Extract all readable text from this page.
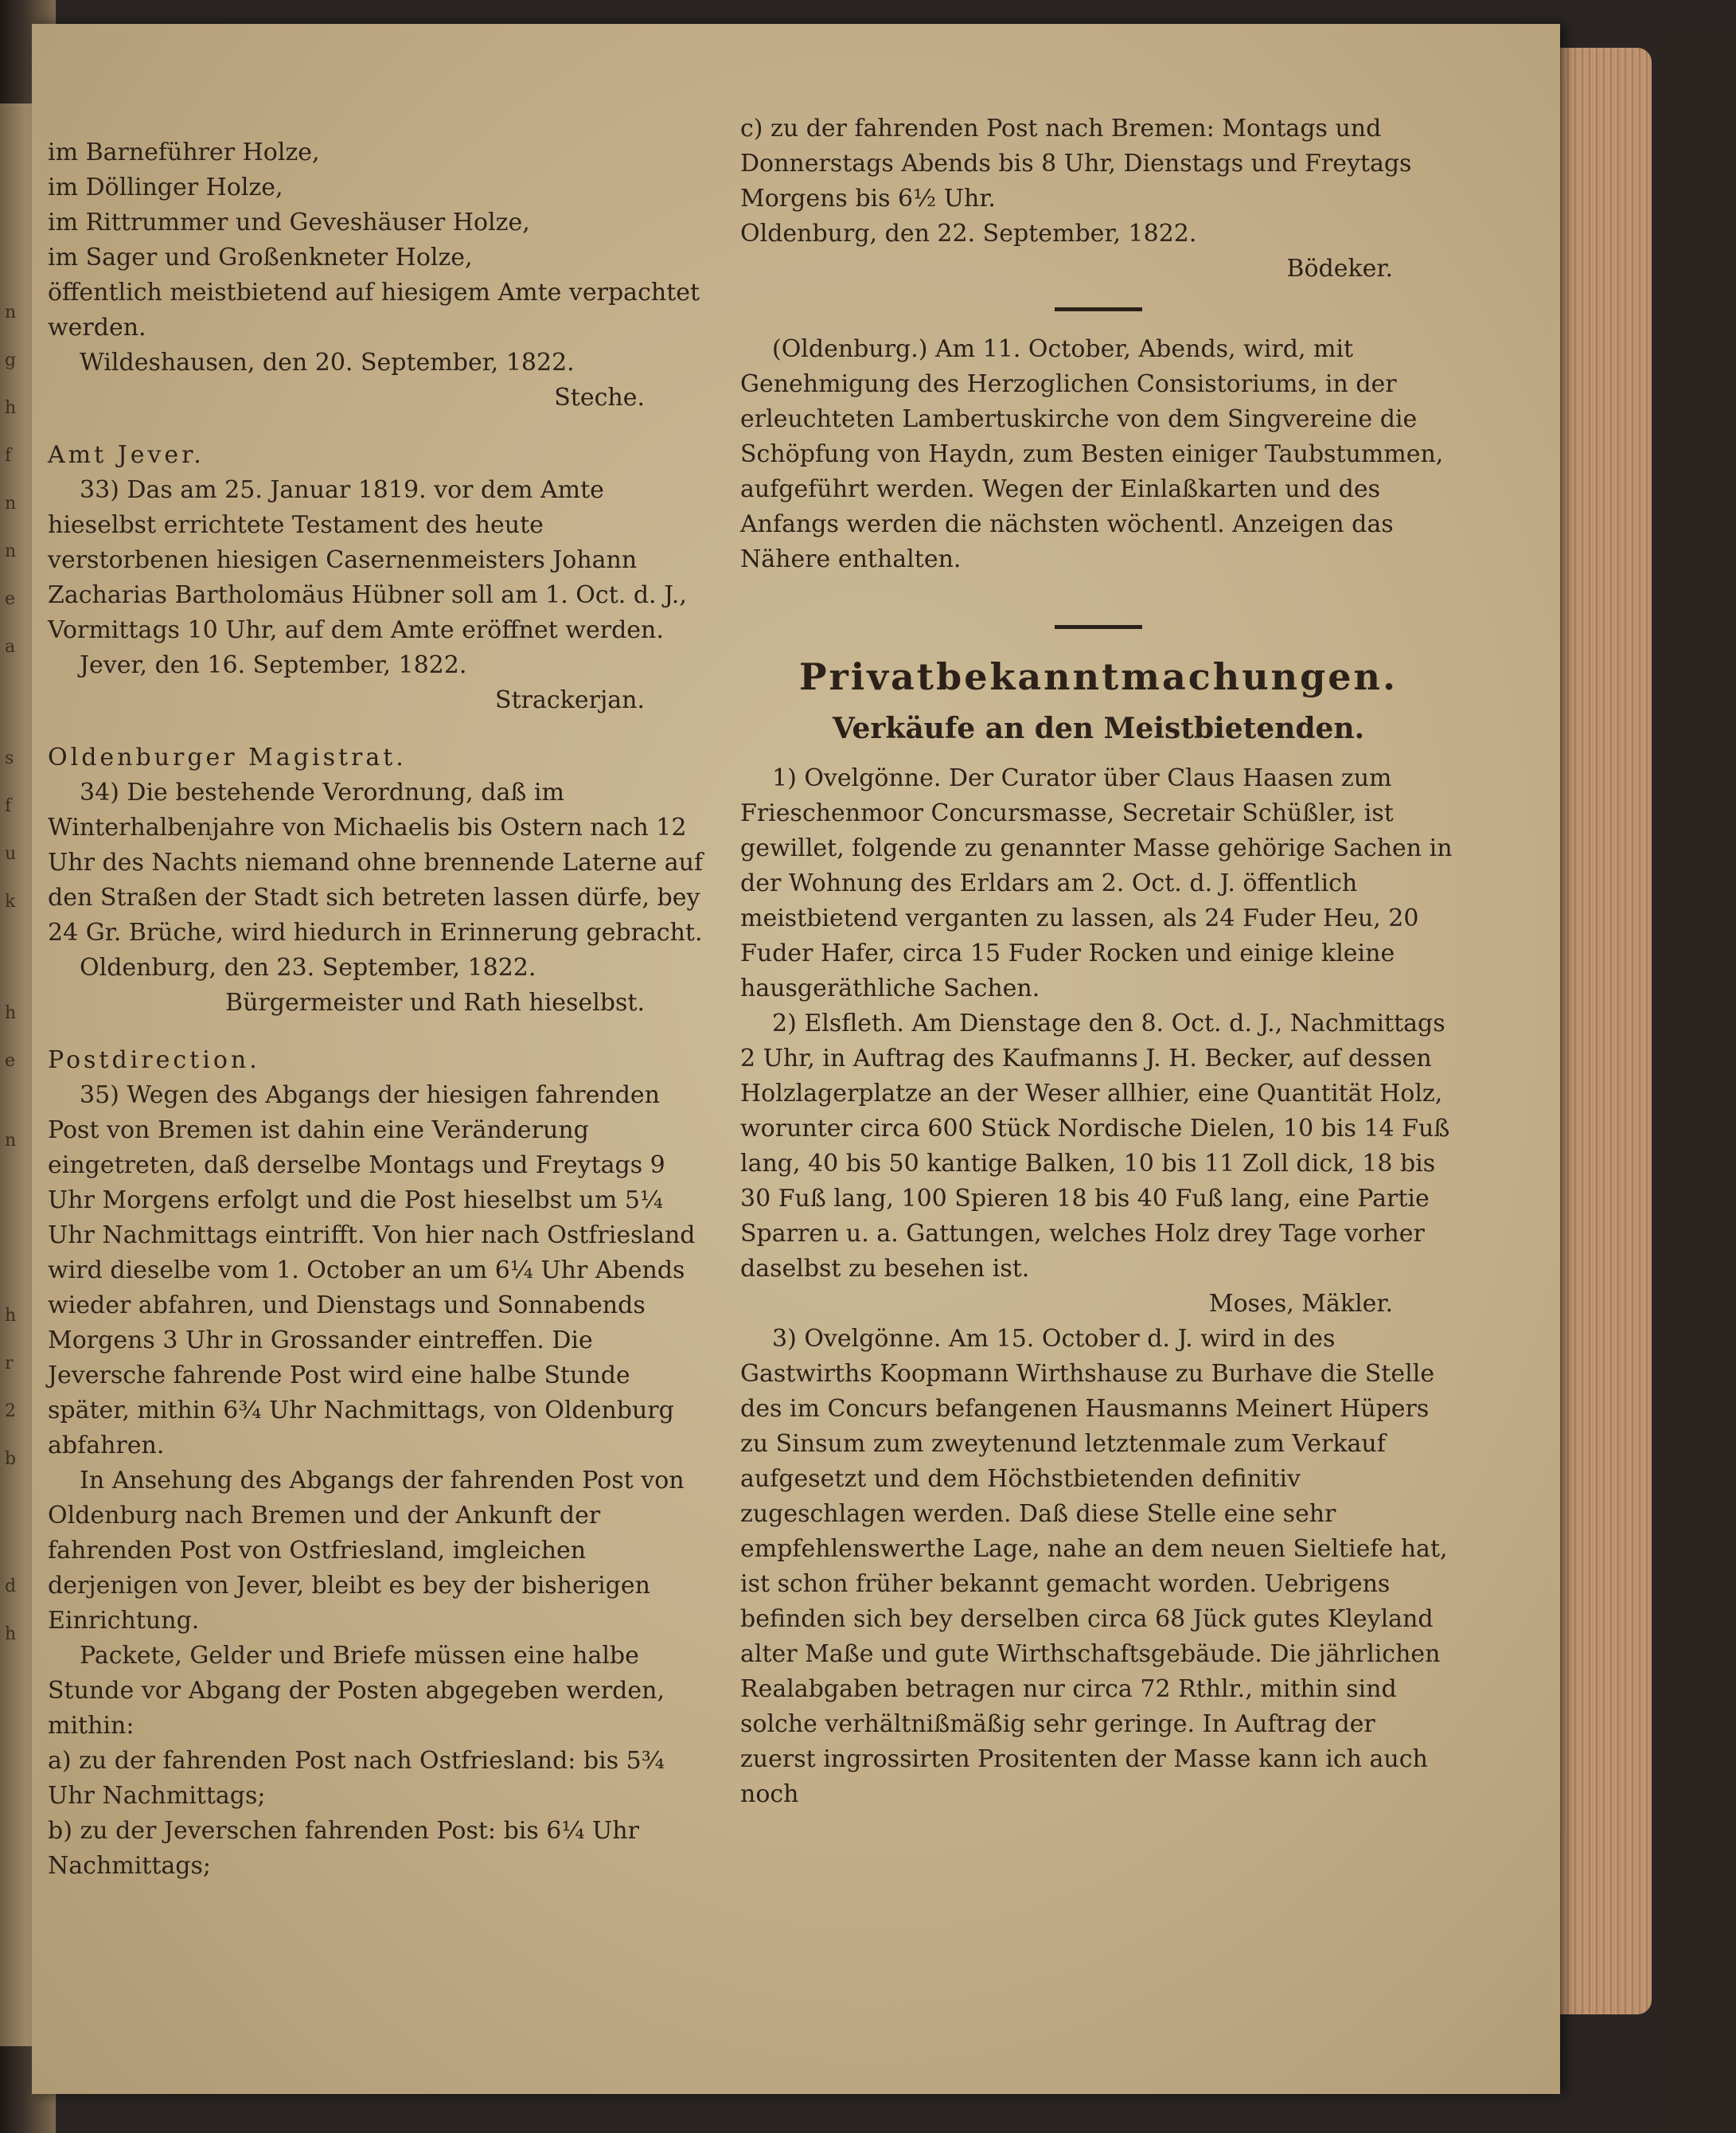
n
g
h
f
n
n
e
a
s
f
u
k
h
e
n
h
r
2
b
d
h

im Barneführer Holze,

im Döllinger Holze,

im Rittrummer und Geveshäuser Holze,

im Sager und Großenkneter Holze,

öffentlich meistbietend auf hiesigem Amte verpachtet werden.

Wildeshausen, den 20. September, 1822.

Steche.

Amt Jever.

33) Das am 25. Januar 1819. vor dem Amte hieselbst errichtete Testament des heute verstorbenen hiesigen Casernenmeisters Johann Zacharias Bartholomäus Hübner soll am 1. Oct. d. J., Vormittags 10 Uhr, auf dem Amte eröffnet werden.

Jever, den 16. September, 1822.

Strackerjan.

Oldenburger Magistrat.

34) Die bestehende Verordnung, daß im Winterhalbenjahre von Michaelis bis Ostern nach 12 Uhr des Nachts niemand ohne brennende Laterne auf den Straßen der Stadt sich betreten lassen dürfe, bey 24 Gr. Brüche, wird hiedurch in Erinnerung gebracht.

Oldenburg, den 23. September, 1822.

Bürgermeister und Rath hieselbst.

Postdirection.

35) Wegen des Abgangs der hiesigen fahrenden Post von Bremen ist dahin eine Veränderung eingetreten, daß derselbe Montags und Freytags 9 Uhr Morgens erfolgt und die Post hieselbst um 5¼ Uhr Nachmittags eintrifft. Von hier nach Ostfriesland wird dieselbe vom 1. October an um 6¼ Uhr Abends wieder abfahren, und Dienstags und Sonnabends Morgens 3 Uhr in Grossander eintreffen. Die Jeversche fahrende Post wird eine halbe Stunde später, mithin 6¾ Uhr Nachmittags, von Oldenburg abfahren.

In Ansehung des Abgangs der fahrenden Post von Oldenburg nach Bremen und der Ankunft der fahrenden Post von Ostfriesland, imgleichen derjenigen von Jever, bleibt es bey der bisherigen Einrichtung.

Packete, Gelder und Briefe müssen eine halbe Stunde vor Abgang der Posten abgegeben werden, mithin:

a) zu der fahrenden Post nach Ostfriesland: bis 5¾ Uhr Nachmittags;

b) zu der Jeverschen fahrenden Post: bis 6¼ Uhr Nachmittags;

c) zu der fahrenden Post nach Bremen: Montags und Donnerstags Abends bis 8 Uhr, Dienstags und Freytags Morgens bis 6½ Uhr.

Oldenburg, den 22. September, 1822.

Bödeker.

(Oldenburg.) Am 11. October, Abends, wird, mit Genehmigung des Herzoglichen Consistoriums, in der erleuchteten Lambertuskirche von dem Singvereine die Schöpfung von Haydn, zum Besten einiger Taubstummen, aufgeführt werden. Wegen der Einlaßkarten und des Anfangs werden die nächsten wöchentl. Anzeigen das Nähere enthalten.

Privatbekanntmachungen.

Verkäufe an den Meistbietenden.

1) Ovelgönne. Der Curator über Claus Haasen zum Frieschenmoor Concursmasse, Secretair Schüßler, ist gewillet, folgende zu genannter Masse gehörige Sachen in der Wohnung des Erldars am 2. Oct. d. J. öffentlich meistbietend verganten zu lassen, als 24 Fuder Heu, 20 Fuder Hafer, circa 15 Fuder Rocken und einige kleine hausgeräthliche Sachen.

2) Elsfleth. Am Dienstage den 8. Oct. d. J., Nachmittags 2 Uhr, in Auftrag des Kaufmanns J. H. Becker, auf dessen Holzlagerplatze an der Weser allhier, eine Quantität Holz, worunter circa 600 Stück Nordische Dielen, 10 bis 14 Fuß lang, 40 bis 50 kantige Balken, 10 bis 11 Zoll dick, 18 bis 30 Fuß lang, 100 Spieren 18 bis 40 Fuß lang, eine Partie Sparren u. a. Gattungen, welches Holz drey Tage vorher daselbst zu besehen ist.

Moses, Mäkler.

3) Ovelgönne. Am 15. October d. J. wird in des Gastwirths Koopmann Wirthshause zu Burhave die Stelle des im Concurs befangenen Hausmanns Meinert Hüpers zu Sinsum zum zweytenund letztenmale zum Verkauf aufgesetzt und dem Höchstbietenden definitiv zugeschlagen werden. Daß diese Stelle eine sehr empfehlenswerthe Lage, nahe an dem neuen Sieltiefe hat, ist schon früher bekannt gemacht worden. Uebrigens befinden sich bey derselben circa 68 Jück gutes Kleyland alter Maße und gute Wirthschaftsgebäude. Die jährlichen Realabgaben betragen nur circa 72 Rthlr., mithin sind solche verhältnißmäßig sehr geringe. In Auftrag der zuerst ingrossirten Prositenten der Masse kann ich auch noch
